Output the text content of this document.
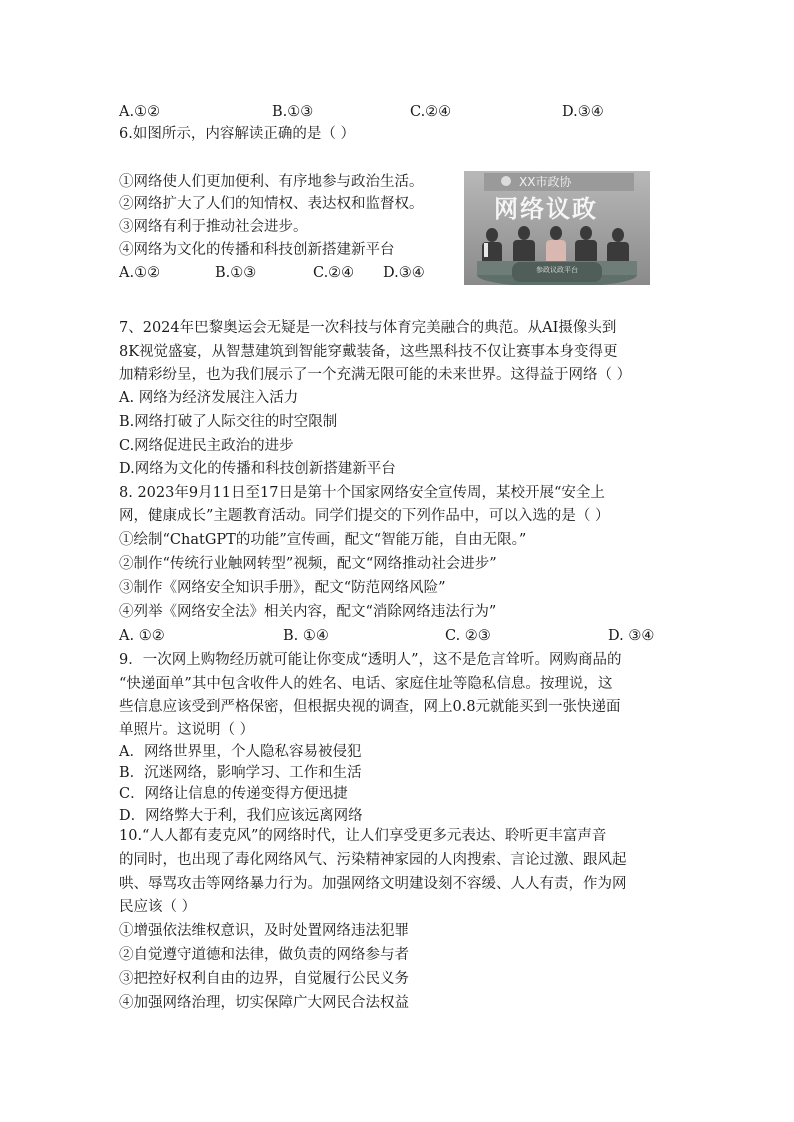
A.①②	B.①③	C.②④	D.③④
6.如图所示，内容解读正确的是（ ）
①网络使人们更加便利、有序地参与政治生活。
②网络扩大了人们的知情权、表达权和监督权。
③网络有利于推动社会进步。
④网络为文化的传播和科技创新搭建新平台
A.①②	B.①③	C.②④ D.③④
XX市政协
网络议政
参政议政平台
7、2024年巴黎奥运会无疑是一次科技与体育完美融合的典范。从AI摄像头到
8K视觉盛宴，从智慧建筑到智能穿戴装备，这些黑科技不仅让赛事本身变得更
加精彩纷呈，也为我们展示了一个充满无限可能的未来世界。这得益于网络（ ）
A. 网络为经济发展注入活力
B.网络打破了人际交往的时空限制
C.网络促进民主政治的进步
D.网络为文化的传播和科技创新搭建新平台
8. 2023年9月11日至17日是第十个国家网络安全宣传周，某校开展“安全上
网，健康成长”主题教育活动。同学们提交的下列作品中，可以入选的是（ ）
①绘制“ChatGPT的功能”宣传画，配文“智能万能，自由无限。”
②制作“传统行业触网转型”视频，配文“网络推动社会进步”
③制作《网络安全知识手册》，配文“防范网络风险”
④列举《网络安全法》相关内容，配文“消除网络违法行为”
A. ①②	B. ①④	C. ②③	D. ③④
9．一次网上购物经历就可能让你变成“透明人”，这不是危言耸听。网购商品的
“快递面单”其中包含收件人的姓名、电话、家庭住址等隐私信息。按理说，这
些信息应该受到严格保密，但根据央视的调查，网上0.8元就能买到一张快递面
单照片。这说明（ ）
A．网络世界里，个人隐私容易被侵犯
B．沉迷网络，影响学习、工作和生活
C．网络让信息的传递变得方便迅捷
D．网络弊大于利，我们应该远离网络
10.“人人都有麦克风”的网络时代，让人们享受更多元表达、聆听更丰富声音
的同时，也出现了毒化网络风气、污染精神家园的人肉搜索、言论过激、跟风起
哄、辱骂攻击等网络暴力行为。加强网络文明建设刻不容缓、人人有责，作为网
民应该（ ）
①增强依法维权意识，及时处置网络违法犯罪
②自觉遵守道德和法律，做负责的网络参与者
③把控好权利自由的边界，自觉履行公民义务
④加强网络治理，切实保障广大网民合法权益
